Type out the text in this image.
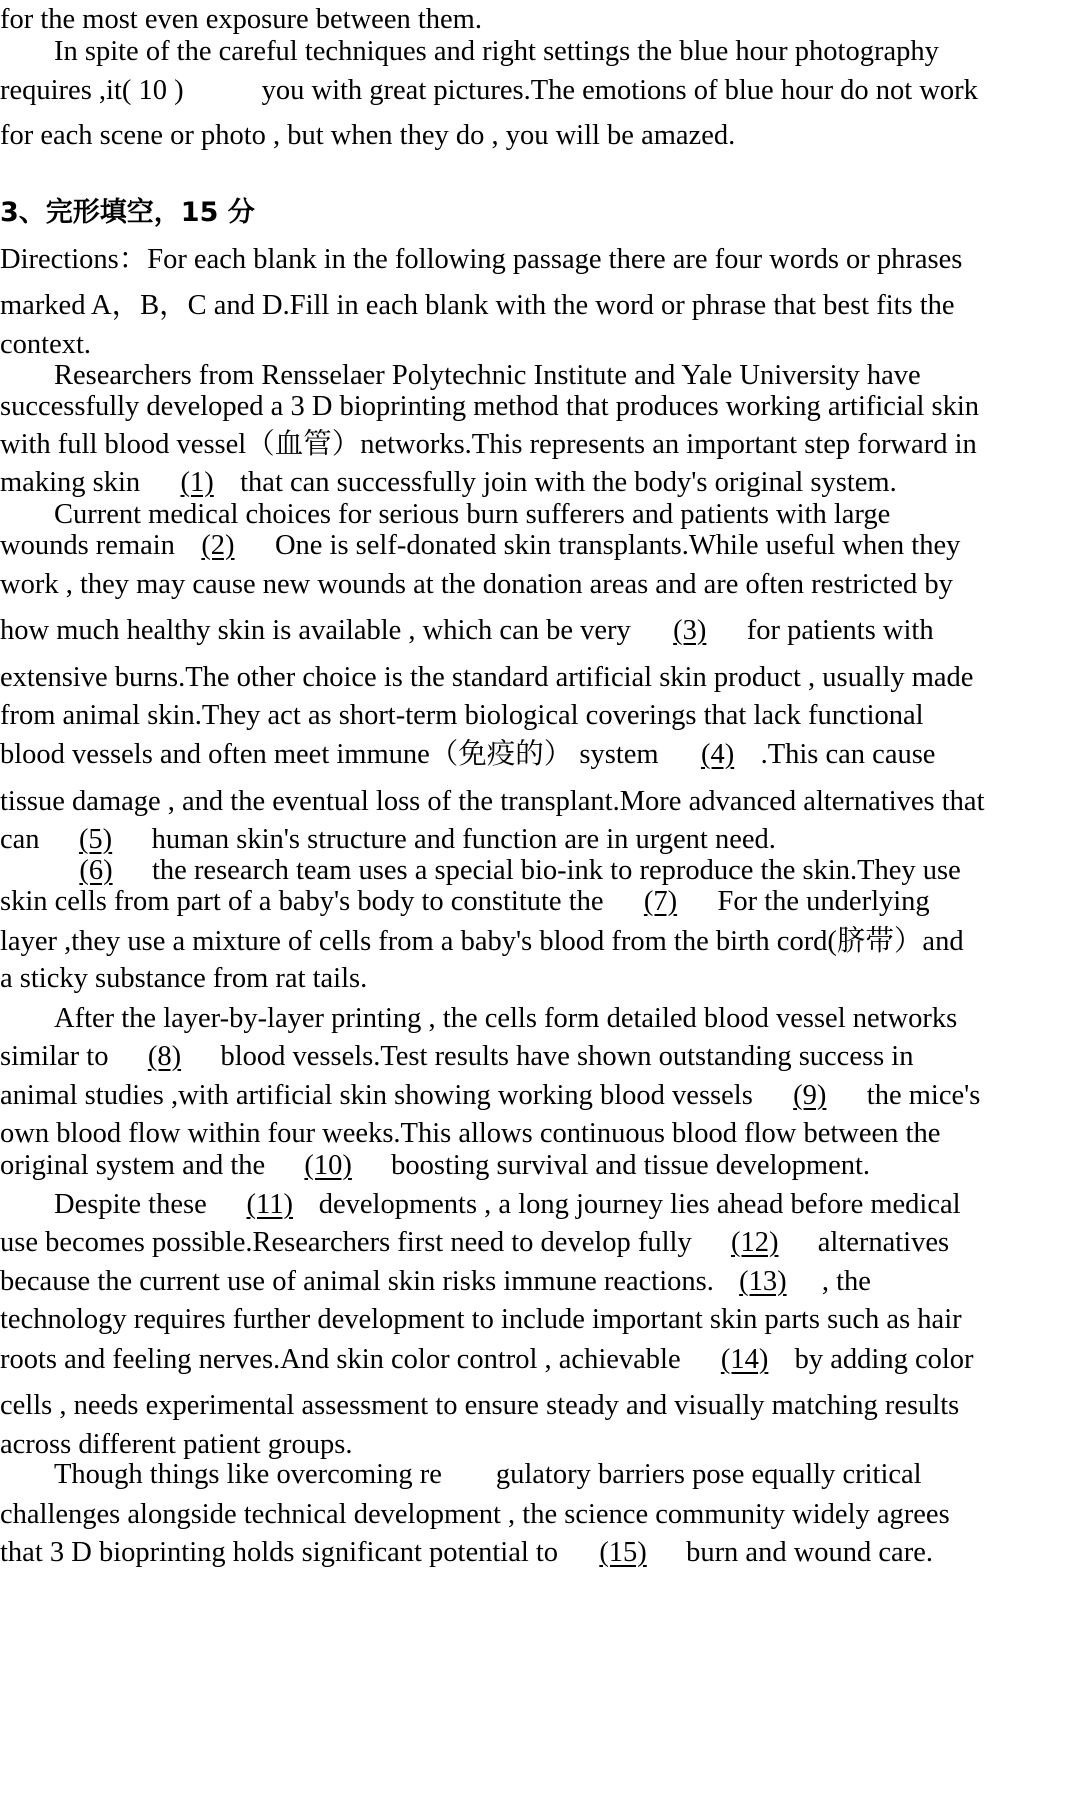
for the most even exposure between them.
In spite of the careful techniques and right settings the blue hour photography
requires ,it( 10 )	you with great pictures.The emotions of blue hour do not work
for each scene or photo , but when they do , you will be amazed.
3、完形填空，15 分
Directions：For each blank in the following passage there are four words or phrases
marked A，B，C and D.Fill in each blank with the word or phrase that best fits the
context.
Researchers from Rensselaer Polytechnic Institute and Yale University have
successfully developed a 3 D bioprinting method that produces working artificial skin
with full blood vessel（血管）networks.This represents an important step forward in
making skin (1) that can successfully join with the body's original system.
Current medical choices for serious burn sufferers and patients with large
wounds remain (2) One is self-donated skin transplants.While useful when they
work , they may cause new wounds at the donation areas and are often restricted by
how much healthy skin is available , which can be very (3) for patients with
extensive burns.The other choice is the standard artificial skin product , usually made
from animal skin.They act as short-term biological coverings that lack functional
blood vessels and often meet immune（免疫的） system (4) .This can cause
tissue damage , and the eventual loss of the transplant.More advanced alternatives that
can (5) human skin's structure and function are in urgent need.
(6) the research team uses a special bio-ink to reproduce the skin.They use
skin cells from part of a baby's body to constitute the (7) For the underlying
layer ,they use a mixture of cells from a baby's blood from the birth cord(脐带）and
a sticky substance from rat tails.
After the layer-by-layer printing , the cells form detailed blood vessel networks
similar to (8) blood vessels.Test results have shown outstanding success in
animal studies ,with artificial skin showing working blood vessels (9) the mice's
own blood flow within four weeks.This allows continuous blood flow between the
original system and the (10) boosting survival and tissue development.
Despite these (11) developments , a long journey lies ahead before medical
use becomes possible.Researchers first need to develop fully (12) alternatives
because the current use of animal skin risks immune reactions. (13) , the
technology requires further development to include important skin parts such as hair
roots and feeling nerves.And skin color control , achievable (14) by adding color
cells , needs experimental assessment to ensure steady and visually matching results
across different patient groups.
Though things like overcoming re gulatory barriers pose equally critical
challenges alongside technical development , the science community widely agrees
that 3 D bioprinting holds significant potential to (15) burn and wound care.
